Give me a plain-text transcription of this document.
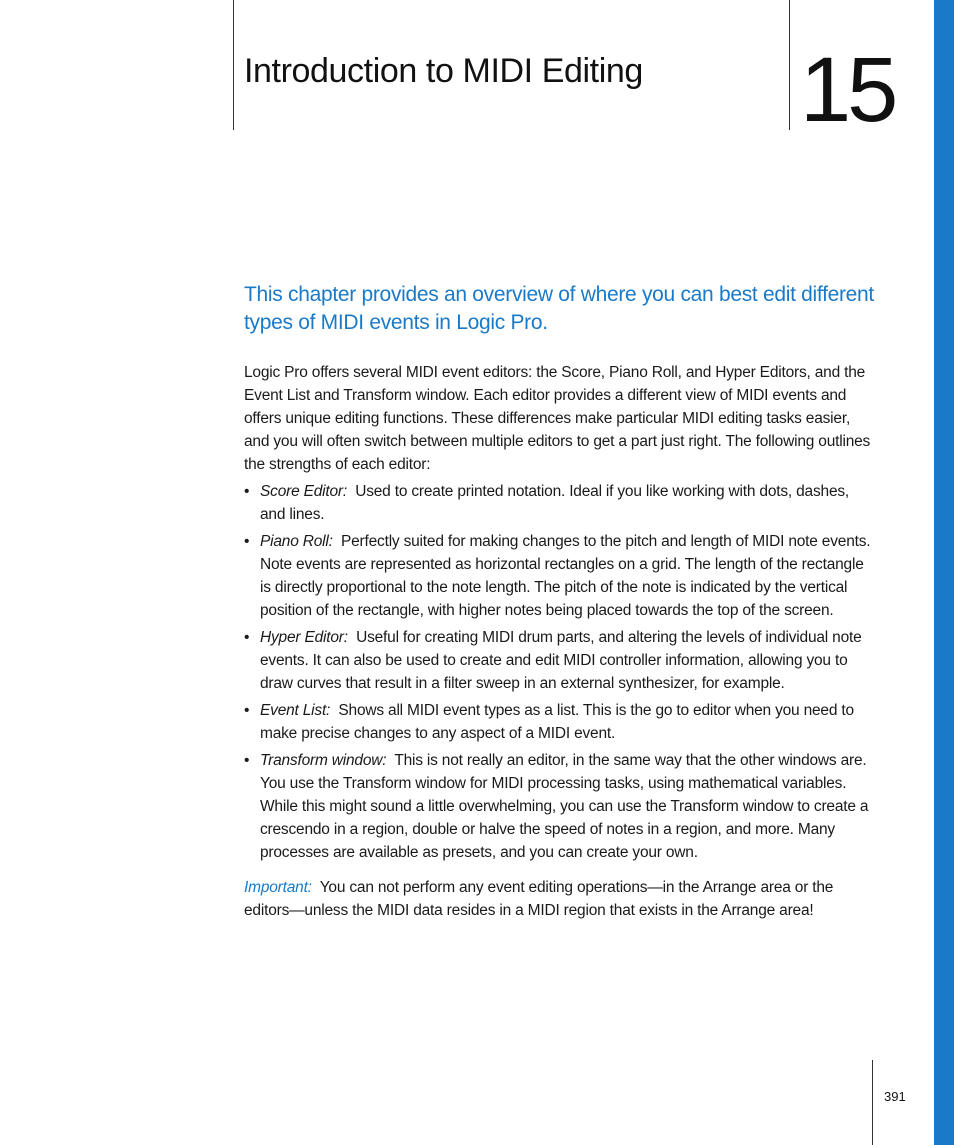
Introduction to MIDI Editing 15

This chapter provides an overview of where you can best edit different types of MIDI events in Logic Pro.

Logic Pro offers several MIDI event editors: the Score, Piano Roll, and Hyper Editors, and the Event List and Transform window. Each editor provides a different view of MIDI events and offers unique editing functions. These differences make particular MIDI editing tasks easier, and you will often switch between multiple editors to get a part just right. The following outlines the strengths of each editor:

• Score Editor: Used to create printed notation. Ideal if you like working with dots, dashes, and lines.
• Piano Roll: Perfectly suited for making changes to the pitch and length of MIDI note events. Note events are represented as horizontal rectangles on a grid. The length of the rectangle is directly proportional to the note length. The pitch of the note is indicated by the vertical position of the rectangle, with higher notes being placed towards the top of the screen.
• Hyper Editor: Useful for creating MIDI drum parts, and altering the levels of individual note events. It can also be used to create and edit MIDI controller information, allowing you to draw curves that result in a filter sweep in an external synthesizer, for example.
• Event List: Shows all MIDI event types as a list. This is the go to editor when you need to make precise changes to any aspect of a MIDI event.
• Transform window: This is not really an editor, in the same way that the other windows are. You use the Transform window for MIDI processing tasks, using mathematical variables. While this might sound a little overwhelming, you can use the Transform window to create a crescendo in a region, double or halve the speed of notes in a region, and more. Many processes are available as presets, and you can create your own.

Important: You can not perform any event editing operations—in the Arrange area or the editors—unless the MIDI data resides in a MIDI region that exists in the Arrange area!

391
